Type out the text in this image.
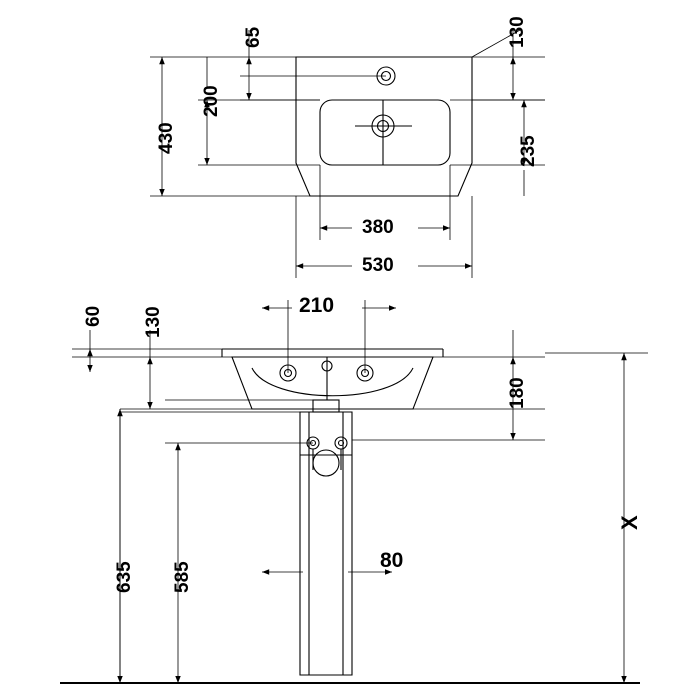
65
200
430
130
235
380
530
60 130
210
180
635 585
80
X
